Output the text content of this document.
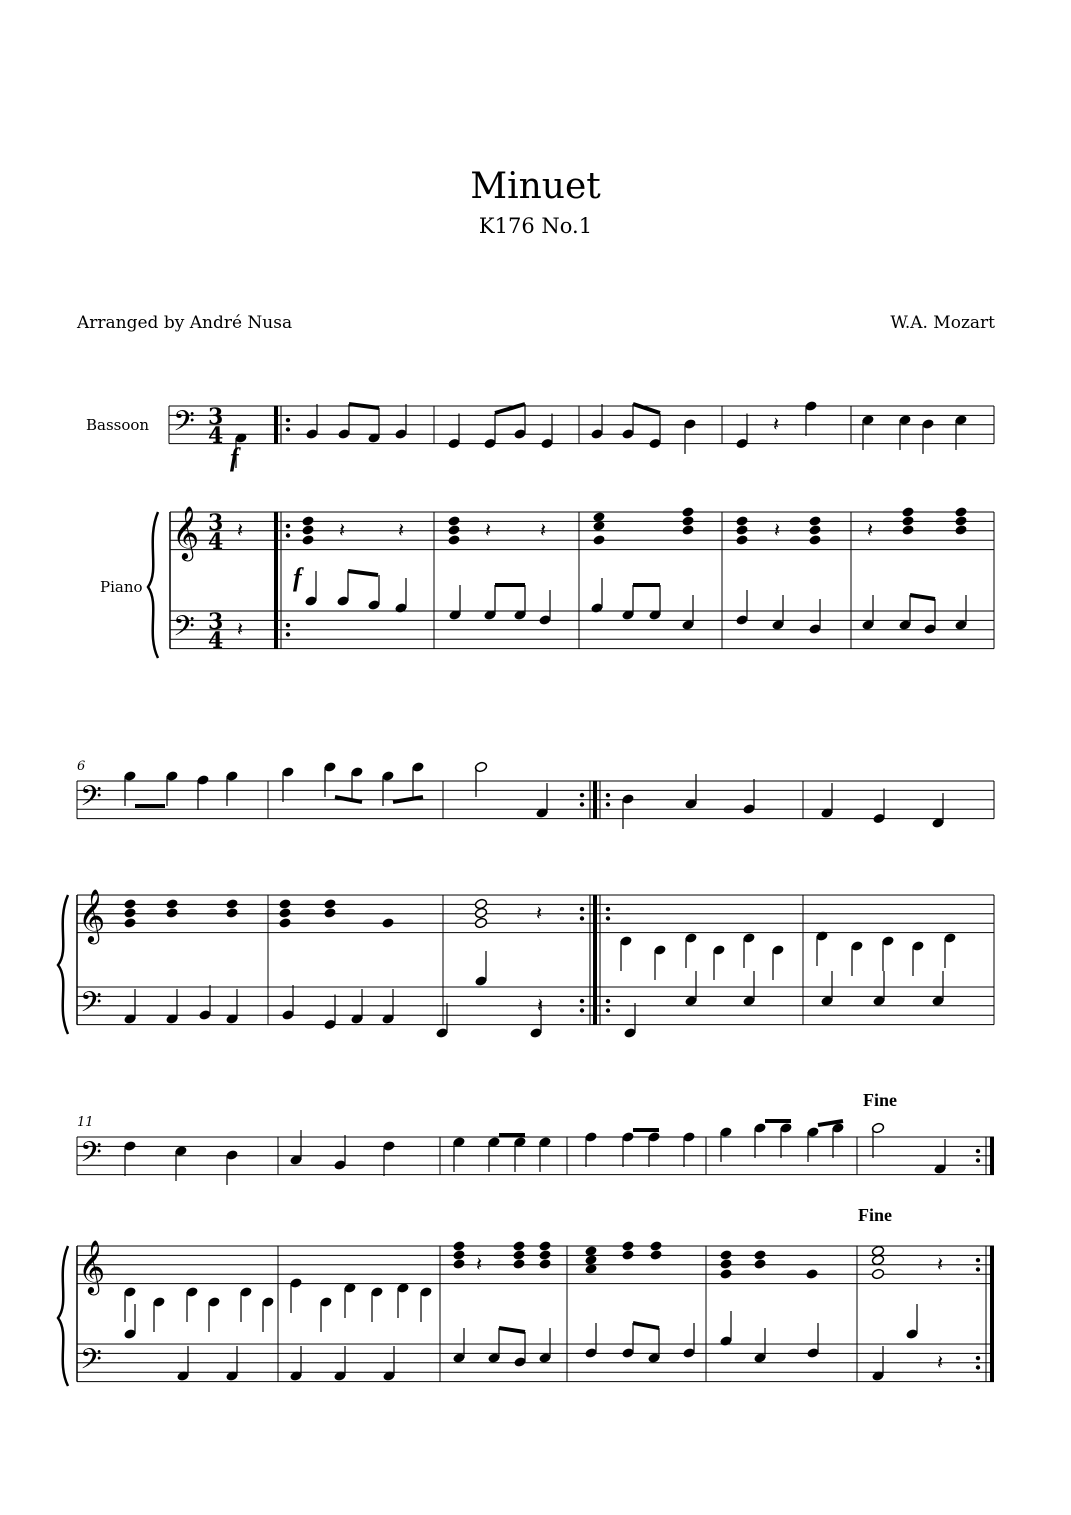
Minuet
K176 No.1
Arranged by André Nusa	W.A. Mozart
Bassoon
Piano
6
11
Fine
Fine
f
f
𝄢
𝄞
𝄢
3
4
3
4
3
4
𝄽
𝄽
𝄽
𝄽	𝄽	𝄽 𝄽	𝄽	𝄽
𝄢
𝄞
𝄢
𝄽
𝄽
𝄢
𝄞
𝄢
𝄽	𝄽
𝄽
